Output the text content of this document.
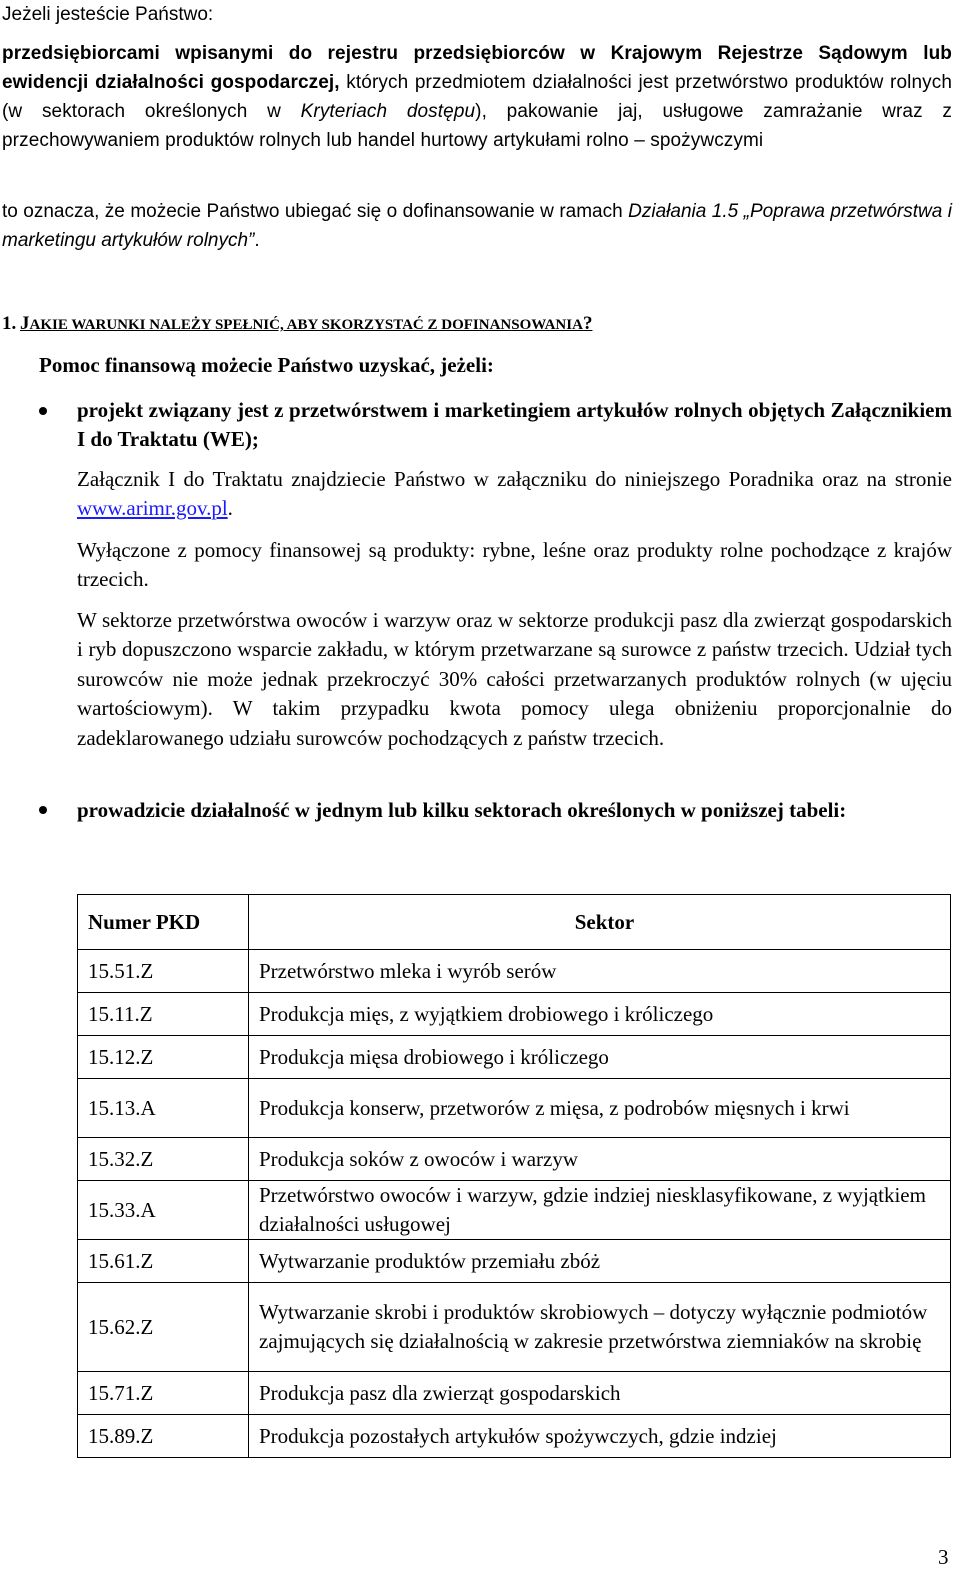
Jeżeli jesteście Państwo:
przedsiębiorcami wpisanymi do rejestru przedsiębiorców w Krajowym Rejestrze Sądowym lub ewidencji działalności gospodarczej, których przedmiotem działalności jest przetwórstwo produktów rolnych (w sektorach określonych w Kryteriach dostępu), pakowanie jaj, usługowe zamrażanie wraz z przechowywaniem produktów rolnych lub handel hurtowy artykułami rolno – spożywczymi
to oznacza, że możecie Państwo ubiegać się o dofinansowanie w ramach Działania 1.5 „Poprawa przetwórstwa i marketingu artykułów rolnych”.
1. JAKIE WARUNKI NALEŻY SPEŁNIĆ, ABY SKORZYSTAĆ Z DOFINANSOWANIA?
Pomoc finansową możecie Państwo uzyskać, jeżeli:
projekt związany jest z przetwórstwem i marketingiem artykułów rolnych objętych Załącznikiem I do Traktatu (WE);
Załącznik I do Traktatu znajdziecie Państwo w załączniku do niniejszego Poradnika oraz na stronie www.arimr.gov.pl.
Wyłączone z pomocy finansowej są produkty: rybne, leśne oraz produkty rolne pochodzące z krajów trzecich.
W sektorze przetwórstwa owoców i warzyw oraz w sektorze produkcji pasz dla zwierząt gospodarskich i ryb dopuszczono wsparcie zakładu, w którym przetwarzane są surowce z państw trzecich. Udział tych surowców nie może jednak przekroczyć 30% całości przetwarzanych produktów rolnych (w ujęciu wartościowym). W takim przypadku kwota pomocy ulega obniżeniu proporcjonalnie do zadeklarowanego udziału surowców pochodzących z państw trzecich.
prowadzicie działalność w jednym lub kilku sektorach określonych w poniższej tabeli:
Numer PKD	Sektor
15.51.Z	Przetwórstwo mleka i wyrób serów
15.11.Z	Produkcja mięs, z wyjątkiem drobiowego i króliczego
15.12.Z	Produkcja mięsa drobiowego i króliczego
15.13.A	Produkcja konserw, przetworów z mięsa, z podrobów mięsnych i krwi
15.32.Z	Produkcja soków z owoców i warzyw
15.33.A	Przetwórstwo owoców i warzyw, gdzie indziej niesklasyfikowane, z wyjątkiem działalności usługowej
15.61.Z	Wytwarzanie produktów przemiału zbóż
15.62.Z	Wytwarzanie skrobi i produktów skrobiowych – dotyczy wyłącznie podmiotów zajmujących się działalnością w zakresie przetwórstwa ziemniaków na skrobię
15.71.Z	Produkcja pasz dla zwierząt gospodarskich
15.89.Z	Produkcja pozostałych artykułów spożywczych, gdzie indziej
3
